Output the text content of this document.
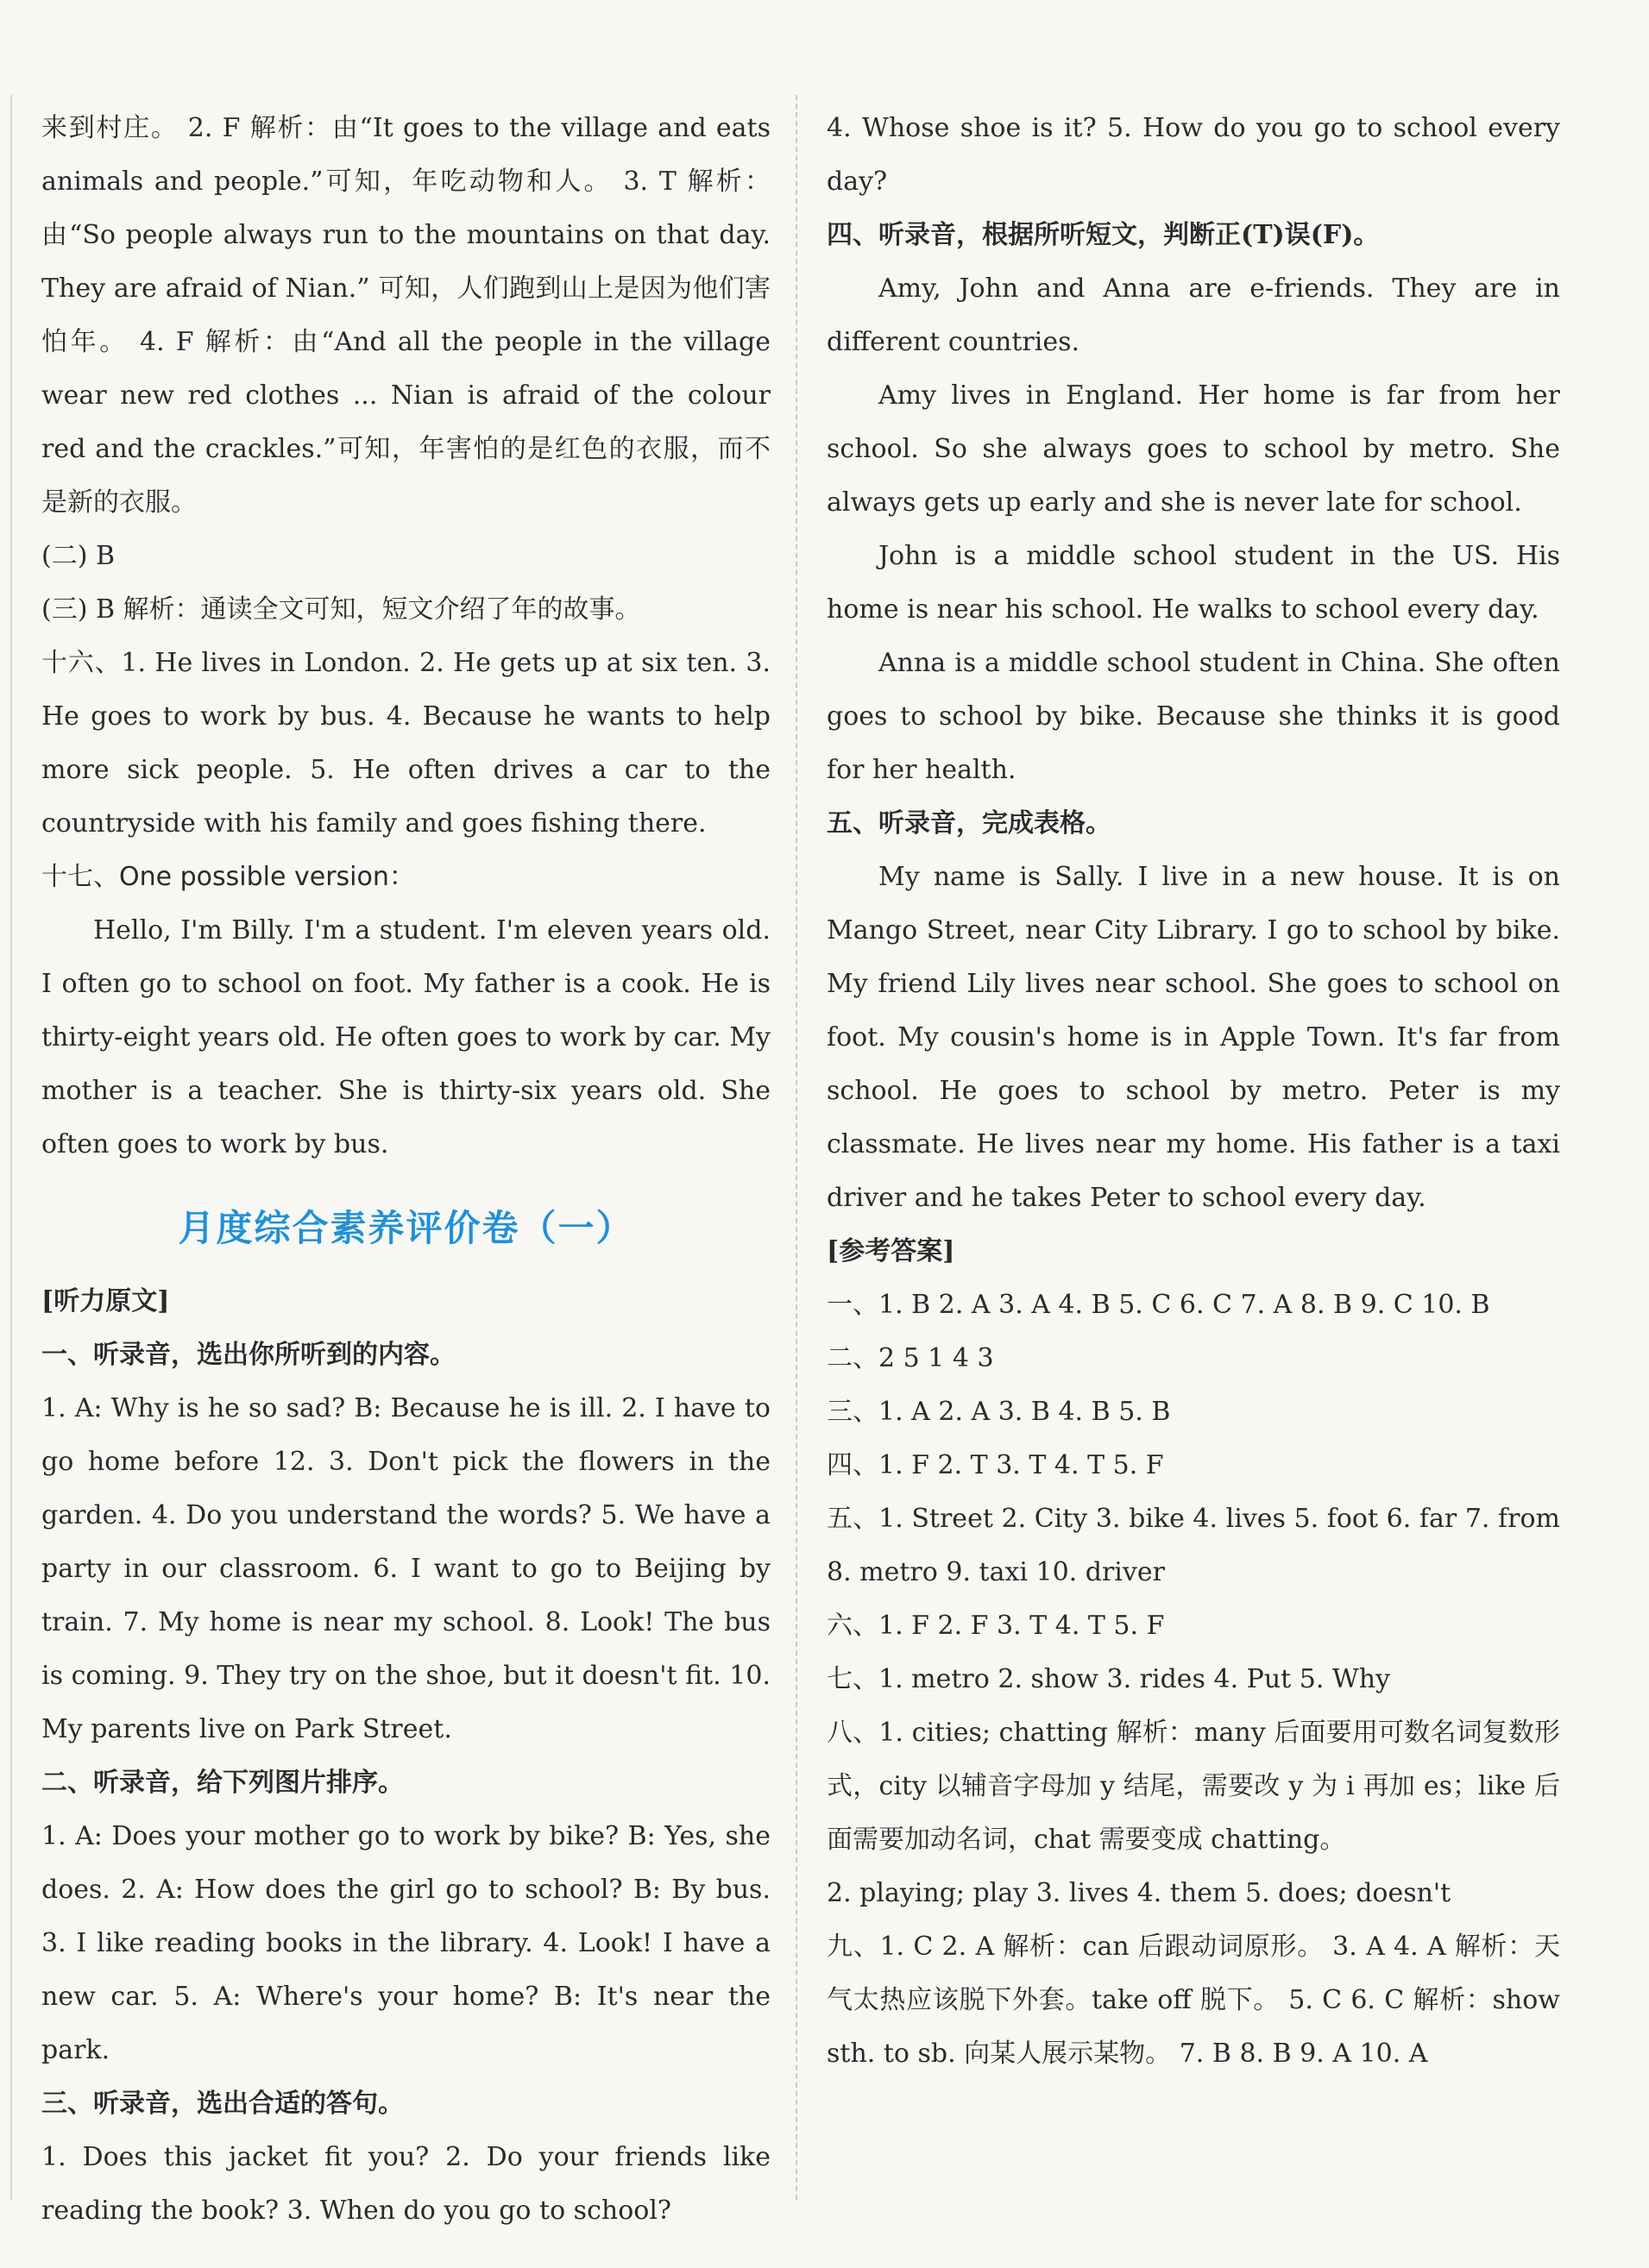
来到村庄。 2. F 解析：由“It goes to the village and eats animals and people.”可知，年吃动物和人。 3. T 解析：由“So people always run to the mountains on that day. They are afraid of Nian.” 可知，人们跑到山上是因为他们害怕年。 4. F 解析：由“And all the people in the village wear new red clothes ... Nian is afraid of the colour red and the crackles.”可知，年害怕的是红色的衣服，而不是新的衣服。

(二) B

(三) B 解析：通读全文可知，短文介绍了年的故事。

十六、1. He lives in London. 2. He gets up at six ten. 3. He goes to work by bus. 4. Because he wants to help more sick people. 5. He often drives a car to the countryside with his family and goes fishing there.

十七、One possible version：

Hello, I'm Billy. I'm a student. I'm eleven years old. I often go to school on foot. My father is a cook. He is thirty-eight years old. He often goes to work by car. My mother is a teacher. She is thirty-six years old. She often goes to work by bus.

月度综合素养评价卷（一）

[听力原文]

一、听录音，选出你所听到的内容。

1. A: Why is he so sad? B: Because he is ill. 2. I have to go home before 12. 3. Don't pick the flowers in the garden. 4. Do you understand the words? 5. We have a party in our classroom. 6. I want to go to Beijing by train. 7. My home is near my school. 8. Look! The bus is coming. 9. They try on the shoe, but it doesn't fit. 10. My parents live on Park Street.

二、听录音，给下列图片排序。

1. A: Does your mother go to work by bike? B: Yes, she does. 2. A: How does the girl go to school? B: By bus. 3. I like reading books in the library. 4. Look! I have a new car. 5. A: Where's your home? B: It's near the park.

三、听录音，选出合适的答句。

1. Does this jacket fit you? 2. Do your friends like reading the book? 3. When do you go to school?

4. Whose shoe is it? 5. How do you go to school every day?

四、听录音，根据所听短文，判断正(T)误(F)。

Amy, John and Anna are e-friends. They are in different countries.

Amy lives in England. Her home is far from her school. So she always goes to school by metro. She always gets up early and she is never late for school.

John is a middle school student in the US. His home is near his school. He walks to school every day.

Anna is a middle school student in China. She often goes to school by bike. Because she thinks it is good for her health.

五、听录音，完成表格。

My name is Sally. I live in a new house. It is on Mango Street, near City Library. I go to school by bike. My friend Lily lives near school. She goes to school on foot. My cousin's home is in Apple Town. It's far from school. He goes to school by metro. Peter is my classmate. He lives near my home. His father is a taxi driver and he takes Peter to school every day.

[参考答案]

一、1. B 2. A 3. A 4. B 5. C 6. C 7. A 8. B 9. C 10. B

二、2 5 1 4 3

三、1. A 2. A 3. B 4. B 5. B

四、1. F 2. T 3. T 4. T 5. F

五、1. Street 2. City 3. bike 4. lives 5. foot 6. far 7. from 8. metro 9. taxi 10. driver

六、1. F 2. F 3. T 4. T 5. F

七、1. metro 2. show 3. rides 4. Put 5. Why

八、1. cities; chatting 解析：many 后面要用可数名词复数形式，city 以辅音字母加 y 结尾，需要改 y 为 i 再加 es；like 后面需要加动名词，chat 需要变成 chatting。

2. playing; play 3. lives 4. them 5. does; doesn't

九、1. C 2. A 解析：can 后跟动词原形。 3. A 4. A 解析：天气太热应该脱下外套。take off 脱下。 5. C 6. C 解析：show sth. to sb. 向某人展示某物。 7. B 8. B 9. A 10. A
